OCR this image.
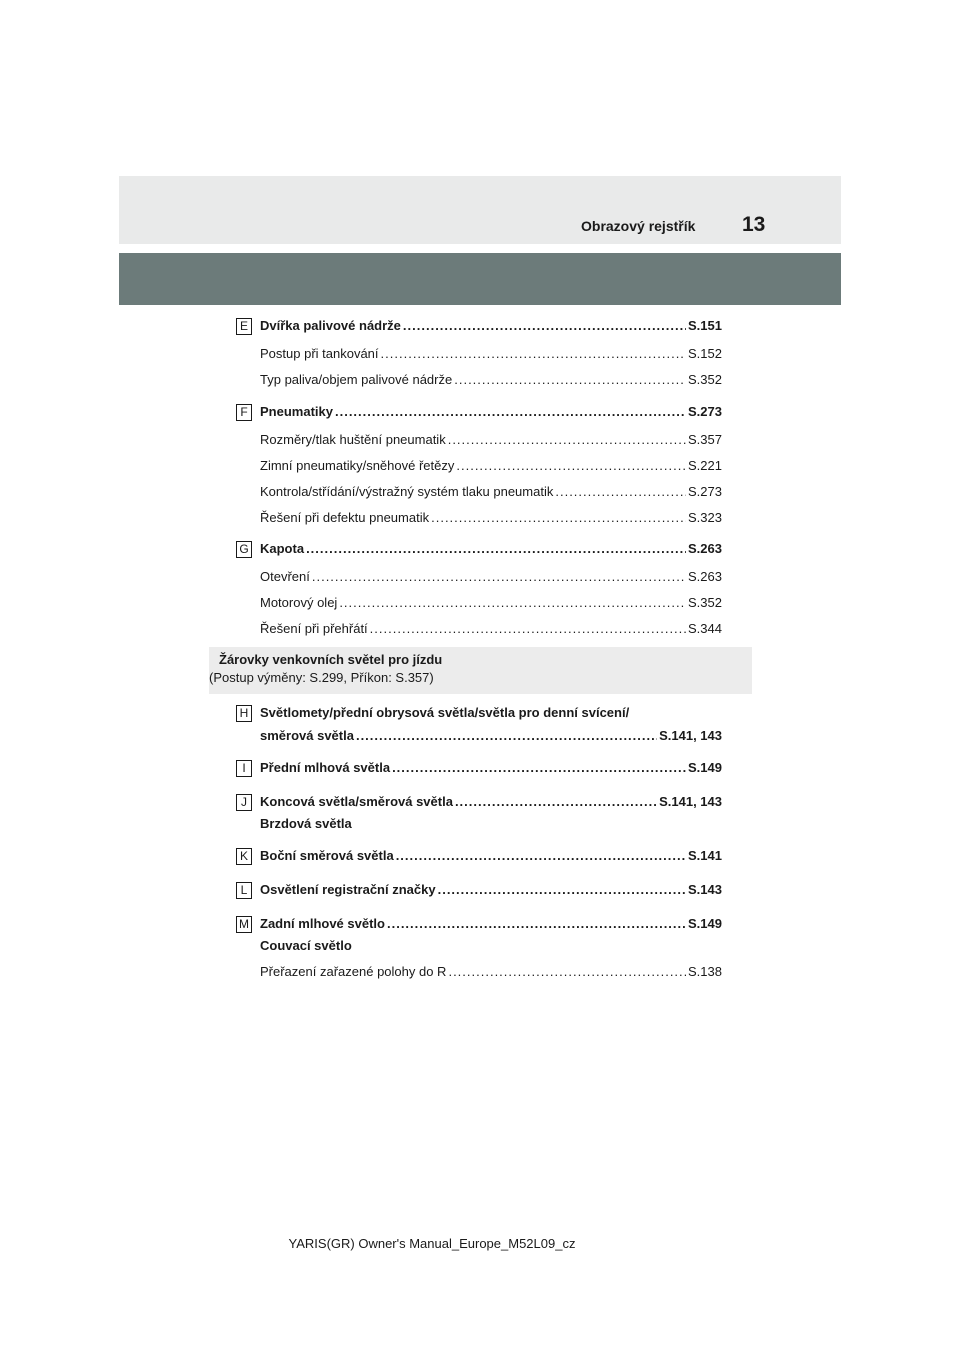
Obrazový rejstřík 13
E Dvířka palivové nádrže .....	S.151
Postup při tankování .....	S.152
Typ paliva/objem palivové nádrže .....	S.352
F Pneumatiky .....	S.273
Rozměry/tlak huštění pneumatik .....	S.357
Zimní pneumatiky/sněhové řetězy .....	S.221
Kontrola/střídání/výstražný systém tlaku pneumatik .....	S.273
Řešení při defektu pneumatik .....	S.323
G Kapota .....	S.263
Otevření .....	S.263
Motorový olej .....	S.352
Řešení při přehřátí .....	S.344
Žárovky venkovních světel pro jízdu
(Postup výměny: S.299, Příkon: S.357)
H Světlomety/přední obrysová světla/světla pro denní svícení/
směrová světla .....	S.141, 143
I	Přední mlhová světla .....	S.149
J	Koncová světla/směrová světla .....	S.141, 143
Brzdová světla
K Boční směrová světla .....	S.141
L Osvětlení registrační značky .....	S.143
M Zadní mlhové světlo .....	S.149
Couvací světlo
Přeřazení zařazené polohy do R .....	S.138
YARIS(GR) Owner's Manual_Europe_M52L09_cz
